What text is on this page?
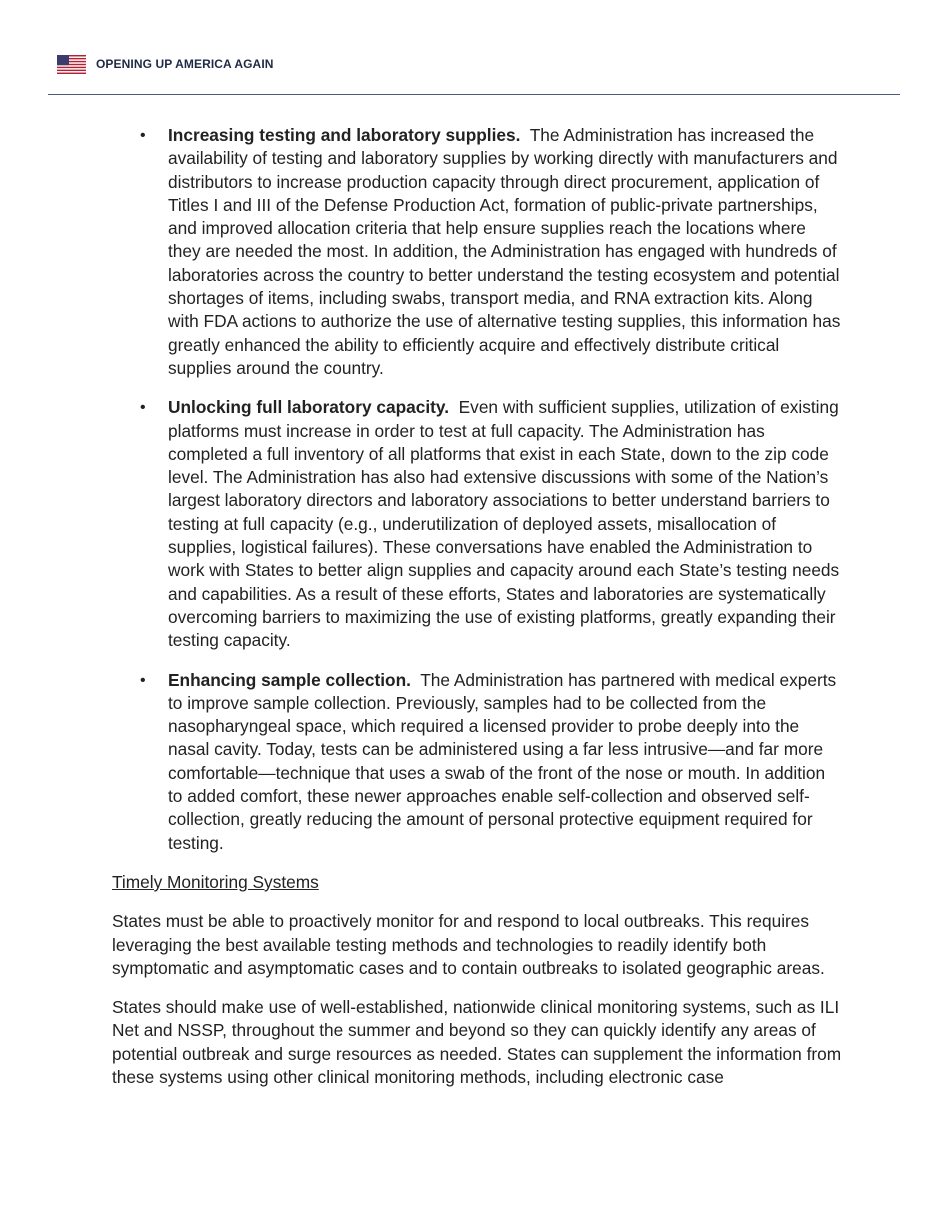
OPENING UP AMERICA AGAIN
• Increasing testing and laboratory supplies. The Administration has increased the availability of testing and laboratory supplies by working directly with manufacturers and distributors to increase production capacity through direct procurement, application of Titles I and III of the Defense Production Act, formation of public-private partnerships, and improved allocation criteria that help ensure supplies reach the locations where they are needed the most. In addition, the Administration has engaged with hundreds of laboratories across the country to better understand the testing ecosystem and potential shortages of items, including swabs, transport media, and RNA extraction kits. Along with FDA actions to authorize the use of alternative testing supplies, this information has greatly enhanced the ability to efficiently acquire and effectively distribute critical supplies around the country.
• Unlocking full laboratory capacity. Even with sufficient supplies, utilization of existing platforms must increase in order to test at full capacity. The Administration has completed a full inventory of all platforms that exist in each State, down to the zip code level. The Administration has also had extensive discussions with some of the Nation’s largest laboratory directors and laboratory associations to better understand barriers to testing at full capacity (e.g., underutilization of deployed assets, misallocation of supplies, logistical failures). These conversations have enabled the Administration to work with States to better align supplies and capacity around each State’s testing needs and capabilities. As a result of these efforts, States and laboratories are systematically overcoming barriers to maximizing the use of existing platforms, greatly expanding their testing capacity.
• Enhancing sample collection. The Administration has partnered with medical experts to improve sample collection. Previously, samples had to be collected from the nasopharyngeal space, which required a licensed provider to probe deeply into the nasal cavity. Today, tests can be administered using a far less intrusive—and far more comfortable—technique that uses a swab of the front of the nose or mouth. In addition to added comfort, these newer approaches enable self-collection and observed self-collection, greatly reducing the amount of personal protective equipment required for testing.
Timely Monitoring Systems

States must be able to proactively monitor for and respond to local outbreaks. This requires leveraging the best available testing methods and technologies to readily identify both symptomatic and asymptomatic cases and to contain outbreaks to isolated geographic areas.

States should make use of well-established, nationwide clinical monitoring systems, such as ILI Net and NSSP, throughout the summer and beyond so they can quickly identify any areas of potential outbreak and surge resources as needed. States can supplement the information from these systems using other clinical monitoring methods, including electronic case
